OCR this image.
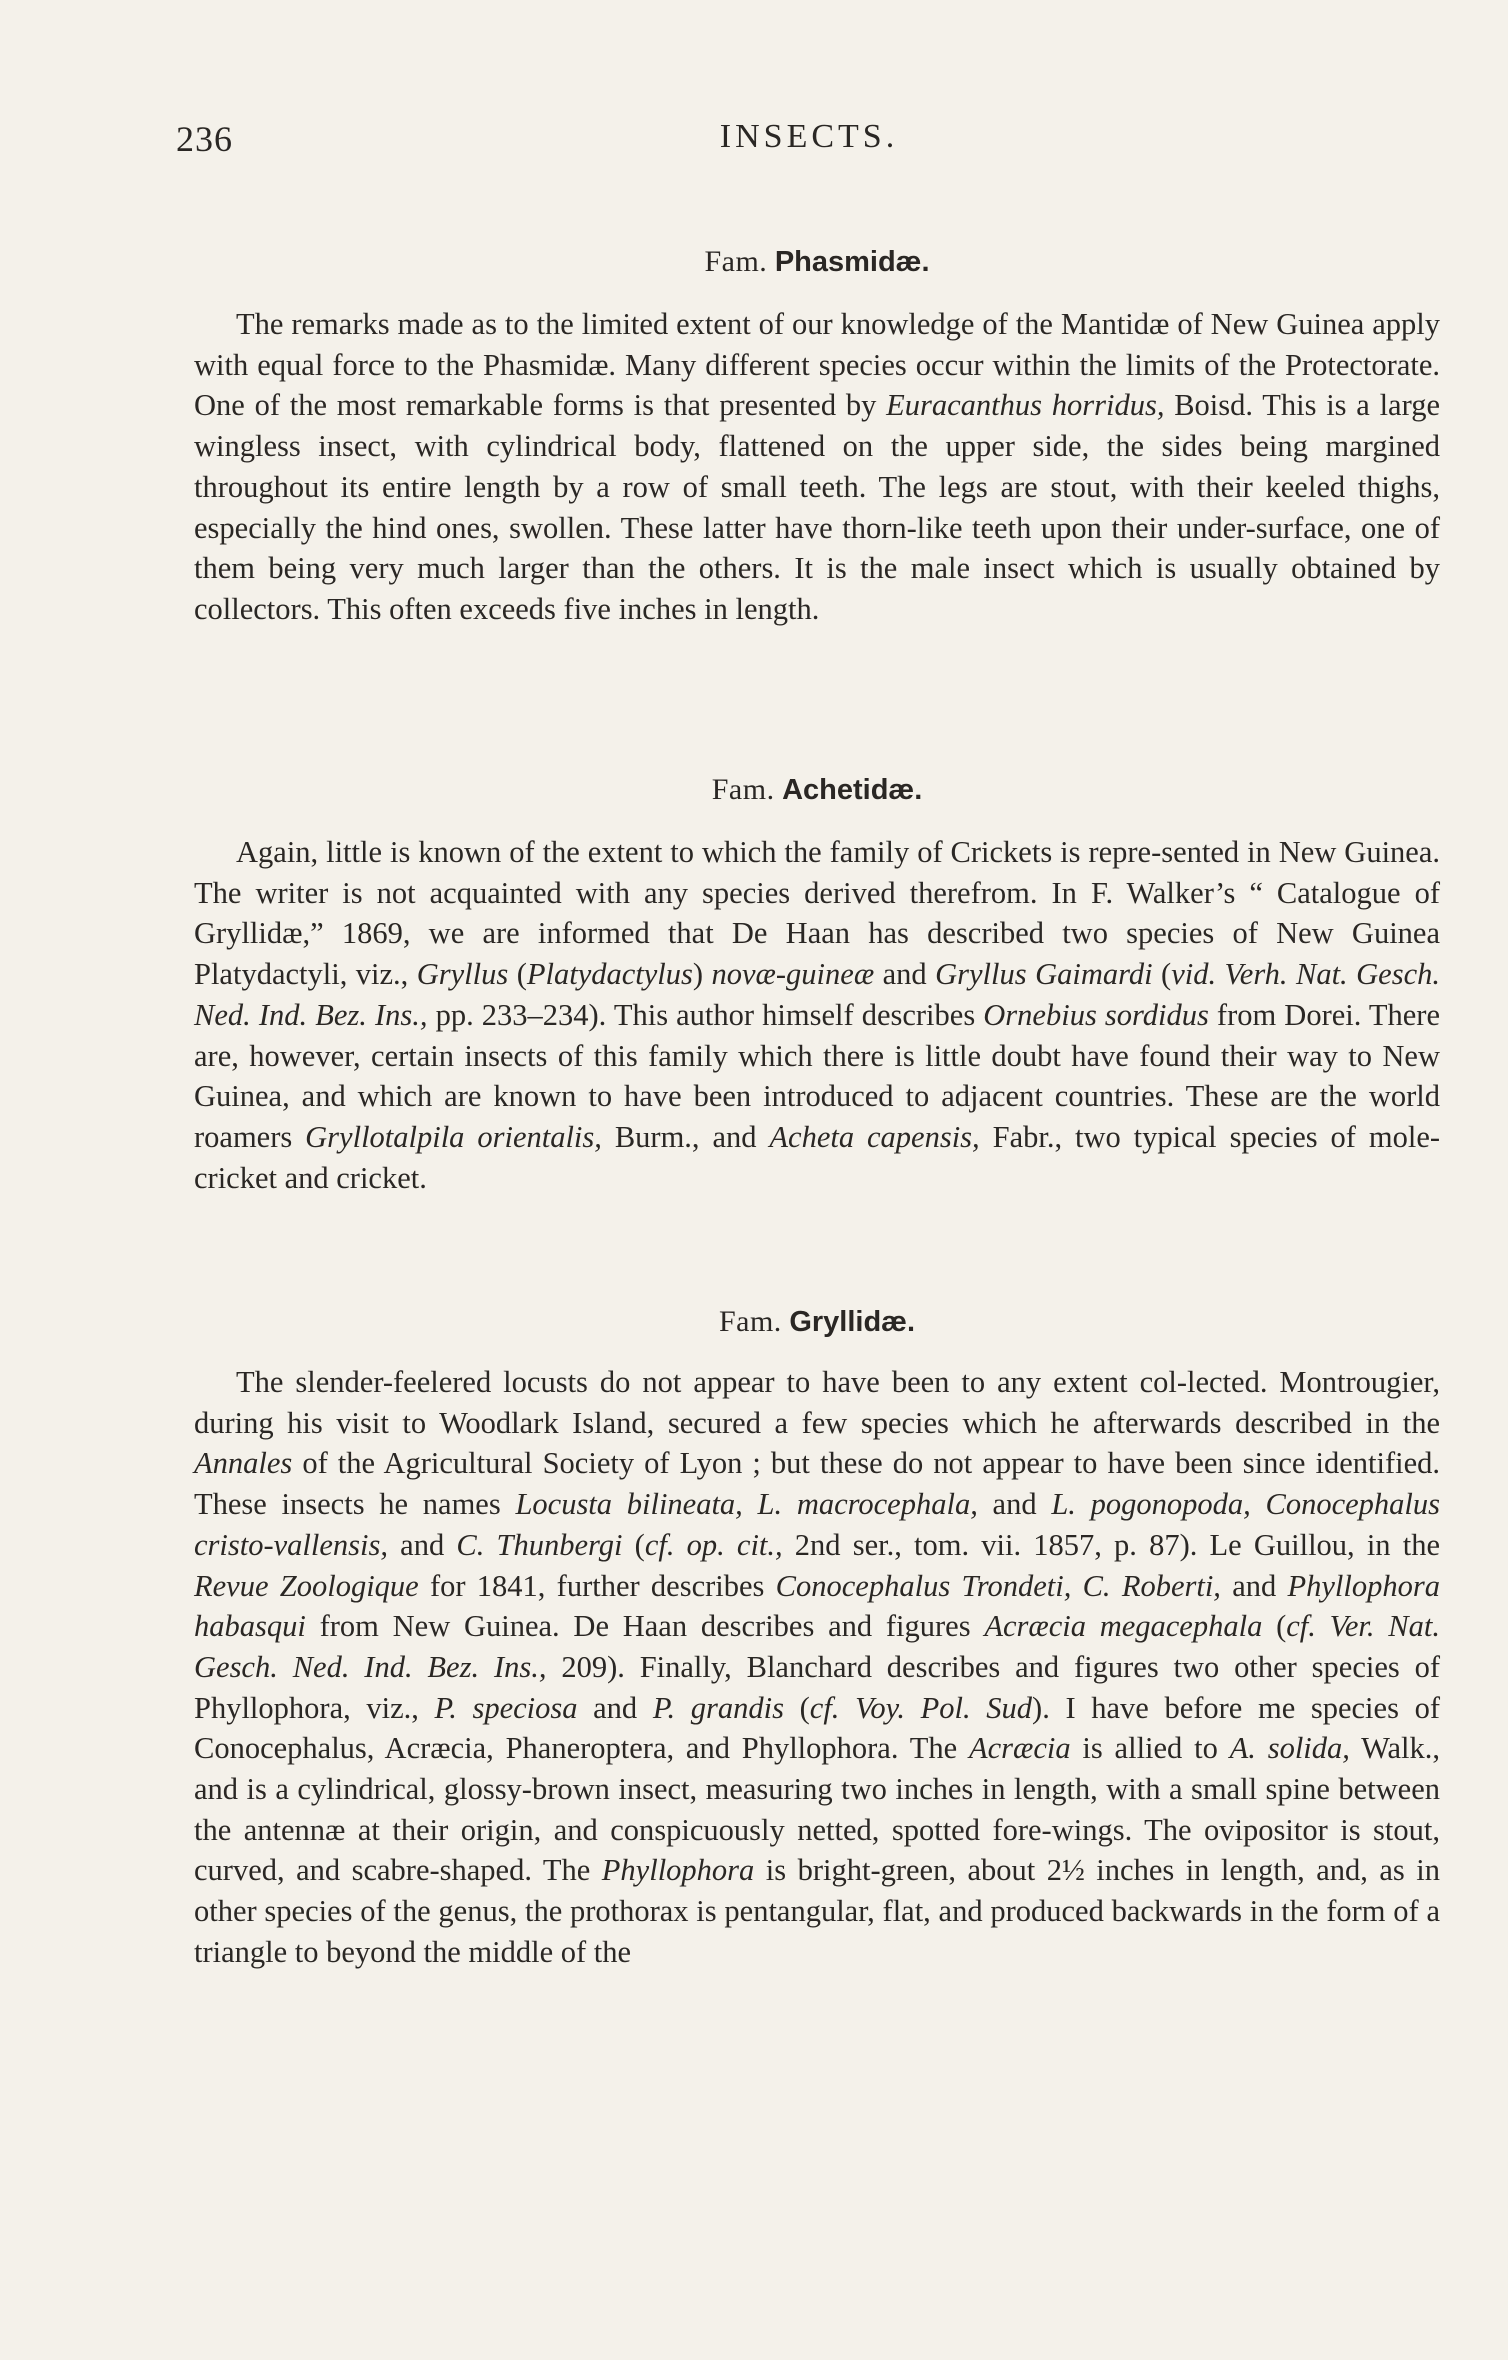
236	INSECTS.
Fam. Phasmidæ.

The remarks made as to the limited extent of our knowledge of the Mantidæ of New Guinea apply with equal force to the Phasmidæ. Many different species occur within the limits of the Protectorate. One of the most remarkable forms is that presented by Euracanthus horridus, Boisd. This is a large wingless insect, with cylindrical body, flattened on the upper side, the sides being margined throughout its entire length by a row of small teeth. The legs are stout, with their keeled thighs, especially the hind ones, swollen. These latter have thorn-like teeth upon their under-surface, one of them being very much larger than the others. It is the male insect which is usually obtained by collectors. This often exceeds five inches in length.

Fam. Achetidæ.

Again, little is known of the extent to which the family of Crickets is repre-sented in New Guinea. The writer is not acquainted with any species derived therefrom. In F. Walker’s “ Catalogue of Gryllidæ,” 1869, we are informed that De Haan has described two species of New Guinea Platydactyli, viz., Gryllus (Platydactylus) novæ-guineæ and Gryllus Gaimardi (vid. Verh. Nat. Gesch. Ned. Ind. Bez. Ins., pp. 233–234). This author himself describes Ornebius sordidus from Dorei. There are, however, certain insects of this family which there is little doubt have found their way to New Guinea, and which are known to have been introduced to adjacent countries. These are the world roamers Gryllotalpila orientalis, Burm., and Acheta capensis, Fabr., two typical species of mole-cricket and cricket.

Fam. Gryllidæ.

The slender-feelered locusts do not appear to have been to any extent col-lected. Montrougier, during his visit to Woodlark Island, secured a few species which he afterwards described in the Annales of the Agricultural Society of Lyon ; but these do not appear to have been since identified. These insects he names Locusta bilineata, L. macrocephala, and L. pogonopoda, Conocephalus cristo-vallensis, and C. Thunbergi (cf. op. cit., 2nd ser., tom. vii. 1857, p. 87). Le Guillou, in the Revue Zoologique for 1841, further describes Conocephalus Trondeti, C. Roberti, and Phyllophora habasqui from New Guinea. De Haan describes and figures Acræcia megacephala (cf. Ver. Nat. Gesch. Ned. Ind. Bez. Ins., 209). Finally, Blanchard describes and figures two other species of Phyllophora, viz., P. speciosa and P. grandis (cf. Voy. Pol. Sud). I have before me species of Conocephalus, Acræcia, Phaneroptera, and Phyllophora. The Acræcia is allied to A. solida, Walk., and is a cylindrical, glossy-brown insect, measuring two inches in length, with a small spine between the antennæ at their origin, and conspicuously netted, spotted fore-wings. The ovipositor is stout, curved, and scabre-shaped. The Phyllophora is bright-green, about 2½ inches in length, and, as in other species of the genus, the prothorax is pentangular, flat, and produced backwards in the form of a triangle to beyond the middle of the
